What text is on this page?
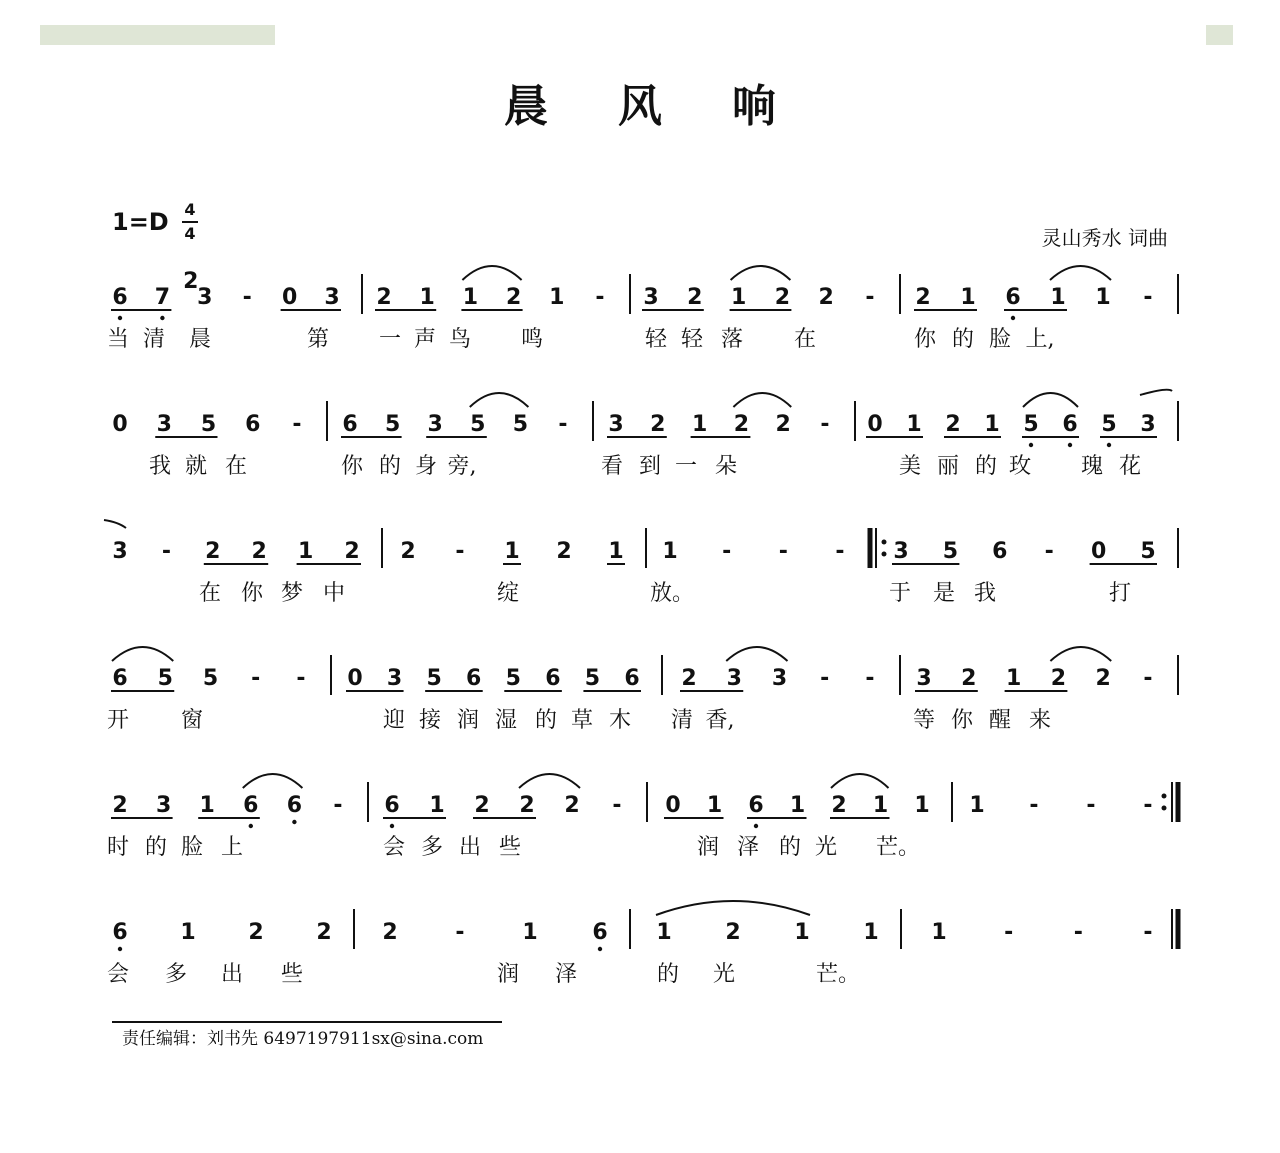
晨风响
1=D 4
4	灵山秀水 词曲
6 7 3 - 0 3
2
2 1 1 2 1 - 3 2 1 2 2 - 2 1 6 1 1 -
当 清 晨	第 一 声 鸟 鸣	轻 轻 落 在	你 的 脸 上,
0 3 5 6 - 6 5 3 5 5 - 3 2 1 2 2 - 0 1 2 1 5 6 5 3
我 就 在	你 的 身 旁,	看 到 一 朵	美 丽 的 玫 瑰 花
3 - 2 2 1 2 2 - 1 2 1 1 - - - 3 5 6 - 0 5
在 你 梦 中	绽	放。	于 是 我	打
6 5 5 - - 0 3 5 6 5 6 5 6 2 3 3 - - 3 2 1 2 2 -
开 窗	迎 接 润 湿 的 草 木 清 香,	等 你 醒 来
2 3 1 6 6 - 6 1 2 2 2 - 0 1 6 1 2 1 1 1 - - -
时 的 脸 上	会 多 出 些	润 泽 的 光 芒。
6 1 2 2 2	-	1 6 1 2 1 1 1	-	-	-
会 多 出 些	润 泽	的 光	芒。
责任编辑：刘书先 6497197911sx@sina.com
